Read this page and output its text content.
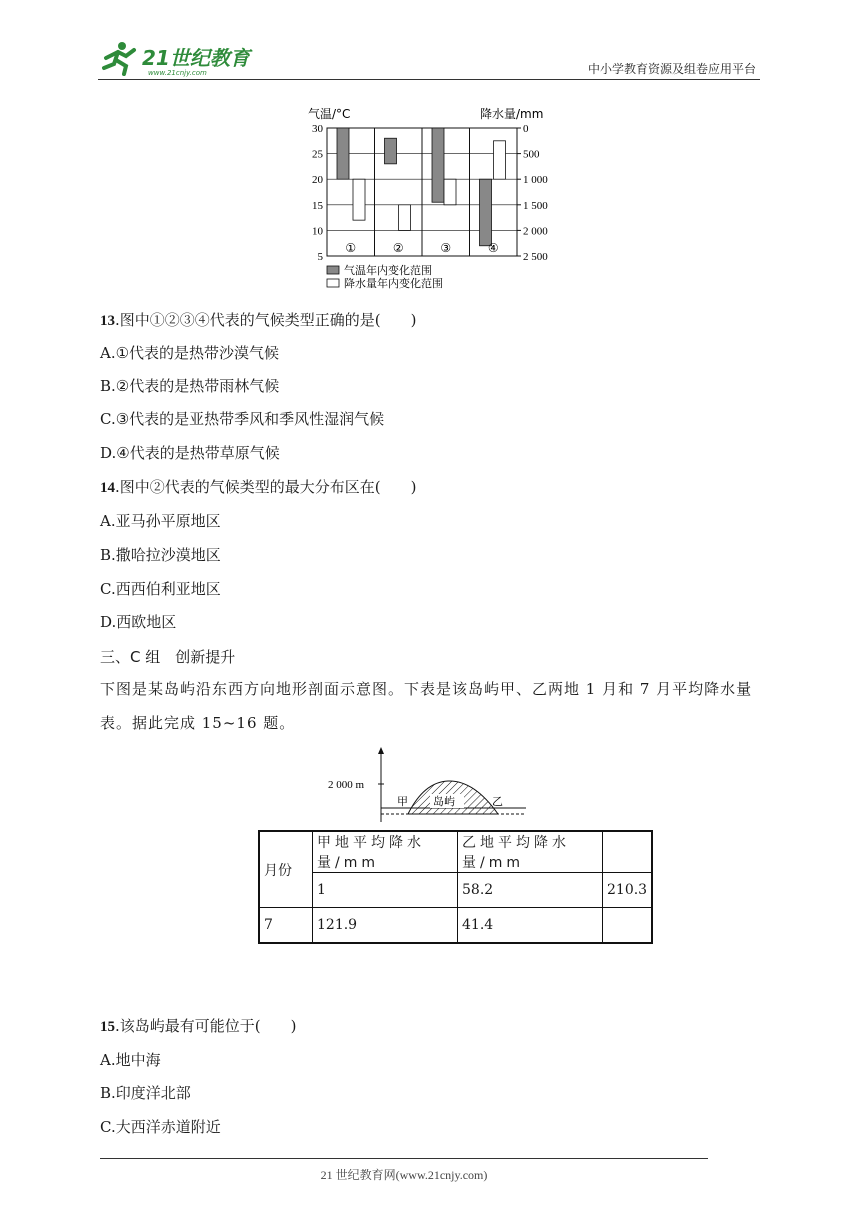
21世纪教育
www.21cnjy.com	中小学教育资源及组卷应用平台
气温/°C	降水量/mm
30
25
20
15
10
5
0
500
1 000
1 500
2 000
2 500
①	②	③	④
气温年内变化范围
降水量年内变化范围
13.图中①②③④代表的气候类型正确的是(　　)
A.①代表的是热带沙漠气候
B.②代表的是热带雨林气候
C.③代表的是亚热带季风和季风性湿润气候
D.④代表的是热带草原气候
14.图中②代表的气候类型的最大分布区在(　　)
A.亚马孙平原地区
B.撒哈拉沙漠地区
C.西西伯利亚地区
D.西欧地区
三、C 组　创新提升
下图是某岛屿沿东西方向地形剖面示意图。下表是该岛屿甲、乙两地 1 月和 7 月平均降水量表。据此完成 15~16 题。
2 000 m
岛屿
甲	乙
月份	甲地平均降水量/mm	乙地平均降水量/mm	
	1	58.2	210.3
7	121.9	41.4	
15.该岛屿最有可能位于(　　)
A.地中海
B.印度洋北部
C.大西洋赤道附近
21 世纪教育网(www.21cnjy.com)
